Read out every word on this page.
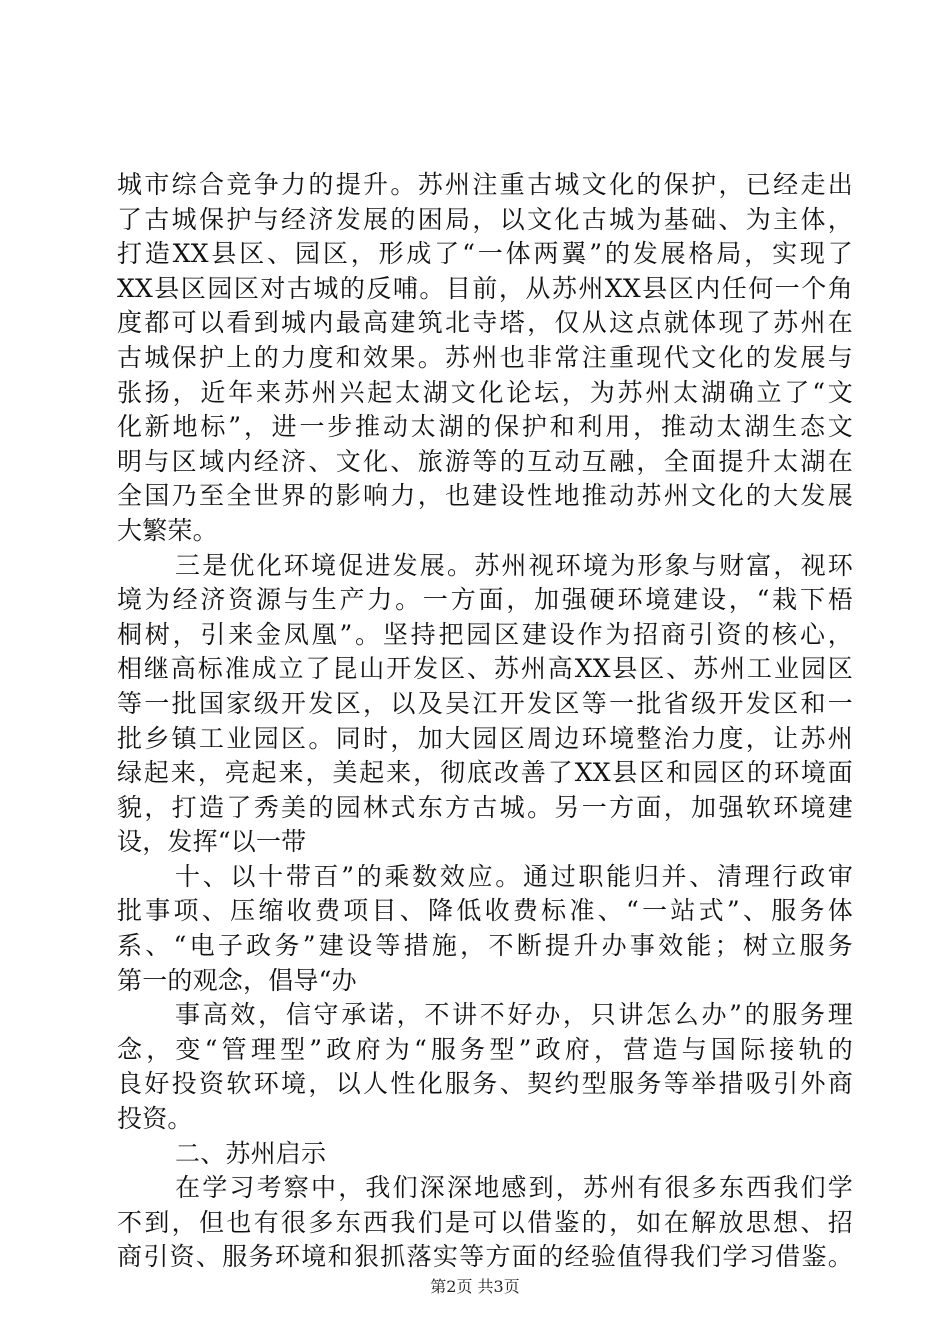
城市综合竞争力的提升。苏州注重古城文化的保护，已经走出
了古城保护与经济发展的困局，以文化古城为基础、为主体，
打造XX县区、园区，形成了“一体两翼”的发展格局，实现了
XX县区园区对古城的反哺。目前，从苏州XX县区内任何一个角
度都可以看到城内最高建筑北寺塔，仅从这点就体现了苏州在
古城保护上的力度和效果。苏州也非常注重现代文化的发展与
张扬，近年来苏州兴起太湖文化论坛，为苏州太湖确立了“文
化新地标”，进一步推动太湖的保护和利用，推动太湖生态文
明与区域内经济、文化、旅游等的互动互融，全面提升太湖在
全国乃至全世界的影响力，也建设性地推动苏州文化的大发展
大繁荣。
三是优化环境促进发展。苏州视环境为形象与财富，视环
境为经济资源与生产力。一方面，加强硬环境建设，“栽下梧
桐树，引来金凤凰”。坚持把园区建设作为招商引资的核心，
相继高标准成立了昆山开发区、苏州高XX县区、苏州工业园区
等一批国家级开发区，以及吴江开发区等一批省级开发区和一
批乡镇工业园区。同时，加大园区周边环境整治力度，让苏州
绿起来，亮起来，美起来，彻底改善了XX县区和园区的环境面
貌，打造了秀美的园林式东方古城。另一方面，加强软环境建
设，发挥“以一带
十、以十带百”的乘数效应。通过职能归并、清理行政审
批事项、压缩收费项目、降低收费标准、“一站式”、服务体
系、“电子政务”建设等措施，不断提升办事效能；树立服务
第一的观念，倡导“办
事高效，信守承诺，不讲不好办，只讲怎么办”的服务理
念，变“管理型”政府为“服务型”政府，营造与国际接轨的
良好投资软环境，以人性化服务、契约型服务等举措吸引外商
投资。
二、苏州启示
在学习考察中，我们深深地感到，苏州有很多东西我们学
不到，但也有很多东西我们是可以借鉴的，如在解放思想、招
商引资、服务环境和狠抓落实等方面的经验值得我们学习借鉴。
第2页 共3页
